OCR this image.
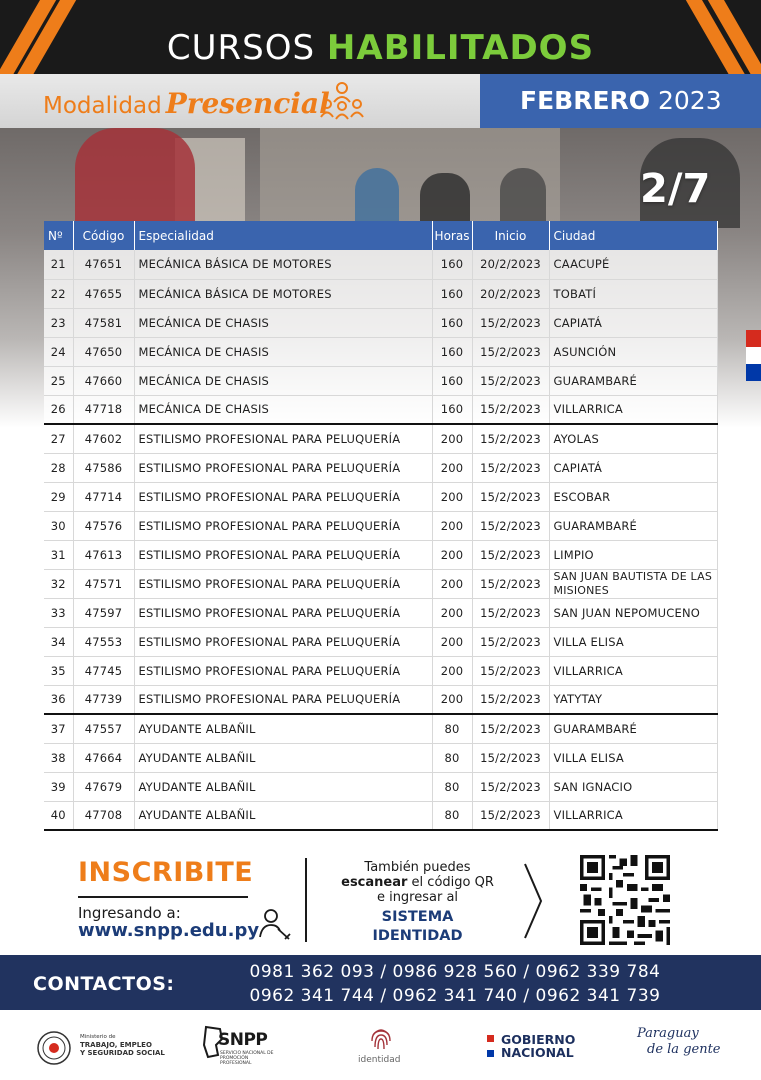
CURSOS HABILITADOS
Modalidad Presencial	FEBRERO 2023
2/7
Nº	Código	Especialidad	Horas	Inicio	Ciudad
21	47651	MECÁNICA BÁSICA DE MOTORES	160	20/2/2023	CAACUPÉ
22	47655	MECÁNICA BÁSICA DE MOTORES	160	20/2/2023	TOBATÍ
23	47581	MECÁNICA DE CHASIS	160	15/2/2023	CAPIATÁ
24	47650	MECÁNICA DE CHASIS	160	15/2/2023	ASUNCIÓN
25	47660	MECÁNICA DE CHASIS	160	15/2/2023	GUARAMBARÉ
26	47718	MECÁNICA DE CHASIS	160	15/2/2023	VILLARRICA
27	47602	ESTILISMO PROFESIONAL PARA PELUQUERÍA	200	15/2/2023	AYOLAS
28	47586	ESTILISMO PROFESIONAL PARA PELUQUERÍA	200	15/2/2023	CAPIATÁ
29	47714	ESTILISMO PROFESIONAL PARA PELUQUERÍA	200	15/2/2023	ESCOBAR
30	47576	ESTILISMO PROFESIONAL PARA PELUQUERÍA	200	15/2/2023	GUARAMBARÉ
31	47613	ESTILISMO PROFESIONAL PARA PELUQUERÍA	200	15/2/2023	LIMPIO
32	47571	ESTILISMO PROFESIONAL PARA PELUQUERÍA	200	15/2/2023	SAN JUAN BAUTISTA DE LAS MISIONES
33	47597	ESTILISMO PROFESIONAL PARA PELUQUERÍA	200	15/2/2023	SAN JUAN NEPOMUCENO
34	47553	ESTILISMO PROFESIONAL PARA PELUQUERÍA	200	15/2/2023	VILLA ELISA
35	47745	ESTILISMO PROFESIONAL PARA PELUQUERÍA	200	15/2/2023	VILLARRICA
36	47739	ESTILISMO PROFESIONAL PARA PELUQUERÍA	200	15/2/2023	YATYTAY
37	47557	AYUDANTE ALBAÑIL	80	15/2/2023	GUARAMBARÉ
38	47664	AYUDANTE ALBAÑIL	80	15/2/2023	VILLA ELISA
39	47679	AYUDANTE ALBAÑIL	80	15/2/2023	SAN IGNACIO
40	47708	AYUDANTE ALBAÑIL	80	15/2/2023	VILLARRICA
INSCRIBITE
Ingresando a:
www.snpp.edu.py
También puedes
escanear el código QR
e ingresar al
SISTEMA
IDENTIDAD
CONTACTOS:
0981 362 093 / 0986 928 560 / 0962 339 784
0962 341 744 / 0962 341 740 / 0962 341 739
Ministerio de
TRABAJO, EMPLEO
Y SEGURIDAD SOCIAL
SNPP
SERVICIO NACIONAL DE PROMOCIÓN PROFESIONAL	identidad
GOBIERNO
NACIONAL
Paraguay
de la gente
